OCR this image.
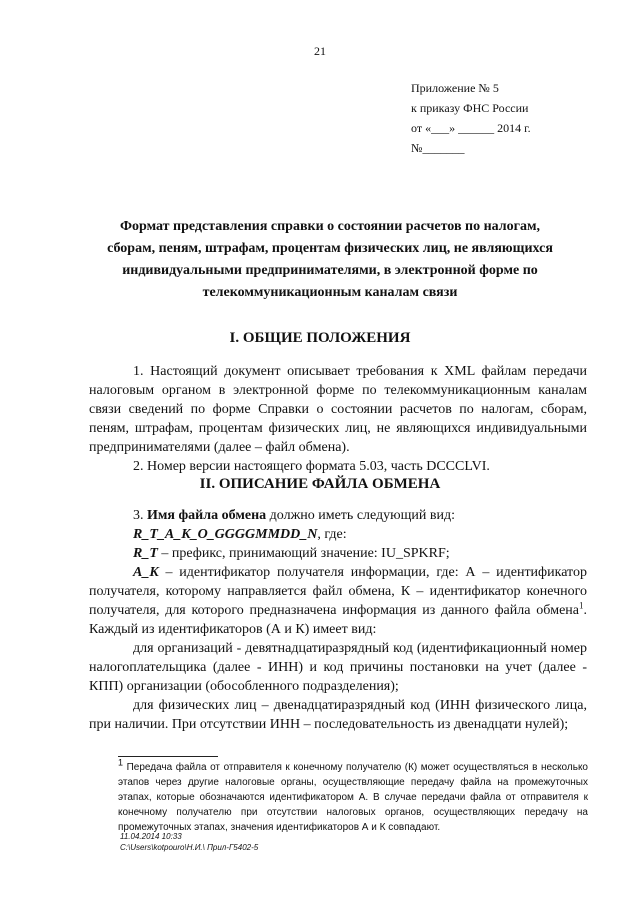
21
Приложение № 5
к приказу ФНС России
от «___» ______ 2014 г.
№_______
Формат представления справки о состоянии расчетов по налогам, сборам, пеням, штрафам, процентам физических лиц, не являющихся индивидуальными предпринимателями, в электронной форме по телекоммуникационным каналам связи
I. ОБЩИЕ ПОЛОЖЕНИЯ

1. Настоящий документ описывает требования к XML файлам передачи налоговым органом в электронной форме по телекоммуникационным каналам связи сведений по форме Справки о состоянии расчетов по налогам, сборам, пеням, штрафам, процентам физических лиц, не являющихся индивидуальными предпринимателями (далее – файл обмена).

2. Номер версии настоящего формата 5.03, часть DCCCLVI.

II. ОПИСАНИЕ ФАЙЛА ОБМЕНА

3. Имя файла обмена должно иметь следующий вид:

R_T_A_K_O_GGGGMMDD_N, где:

R_T – префикс, принимающий значение: IU_SPKRF;

A_K – идентификатор получателя информации, где: А – идентификатор получателя, которому направляется файл обмена, К – идентификатор конечного получателя, для которого предназначена информация из данного файла обмена$^1$. Каждый из идентификаторов (А и К) имеет вид:

для организаций - девятнадцатиразрядный код (идентификационный номер налогоплательщика (далее - ИНН) и код причины постановки на учет (далее - КПП) организации (обособленного подразделения);

для физических лиц – двенадцатиразрядный код (ИНН физического лица, при наличии. При отсутствии ИНН – последовательность из двенадцати нулей);

$^1$ Передача файла от отправителя к конечному получателю (К) может осуществляться в несколько этапов через другие налоговые органы, осуществляющие передачу файла на промежуточных этапах, которые обозначаются идентификатором А. В случае передачи файла от отправителя к конечному получателю при отсутствии налоговых органов, осуществляющих передачу на промежуточных этапах, значения идентификаторов А и К совпадают.
11.04.2014 10:33
C:\Users\kotpouro\H.И.\ Прил-Г5402-5
